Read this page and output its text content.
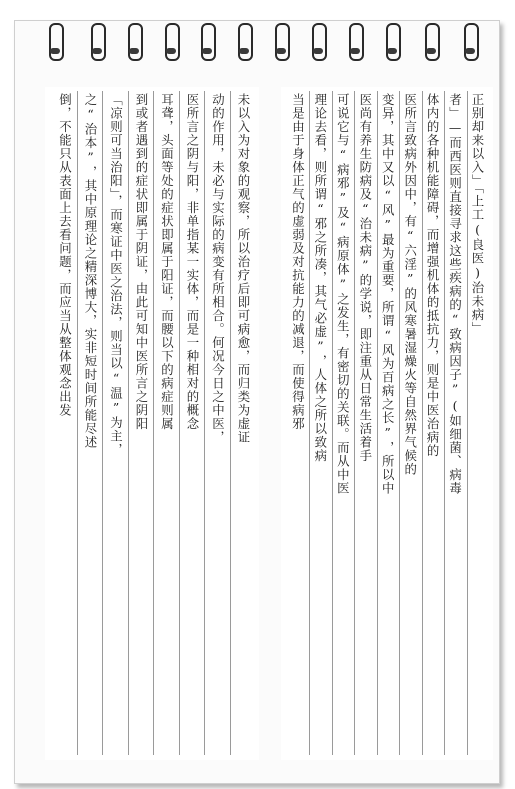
未以入为对象的观察，所以治疗后即可病愈，而归类为虚证
动的作用，未必与实际的病变有所相合。何况今日之中医，
医所言之阴与阳，非单指某一实体，而是一种相对的概念
耳聋，头面等处的症状即属于阳证，而腰以下的病症则属
到或者遇到的症状即属于阴证，由此可知中医所言之阴阳
「凉则可当治阳」，而寒证中医之治法，则当以“温”为主，
之“治本”，其中原理论之精深博大，实非短时间所能尽述
倒，不能只从表面上去看问题，而应当从整体观念出发	正别却来以入」「上工(良医)治未病」
者」—而西医则直接寻求这些疾病的“致病因子”(如细菌、病毒
体内的各种机能障碍，而增强机体的抵抗力，则是中医治病的
医所言致病外因中，有“六淫”的风寒暑湿燥火等自然界气候的
变异，其中又以“风”最为重要，所谓“风为百病之长”，所以中
医尚有养生防病及“治未病”的学说，即注重从日常生活着手
可说它与“病邪”及“病原体”之发生，有密切的关联。而从中医
理论去看，则所谓“邪之所凑，其气必虚”，人体之所以致病
当是由于身体正气的虚弱及对抗能力的减退，而使得病邪
